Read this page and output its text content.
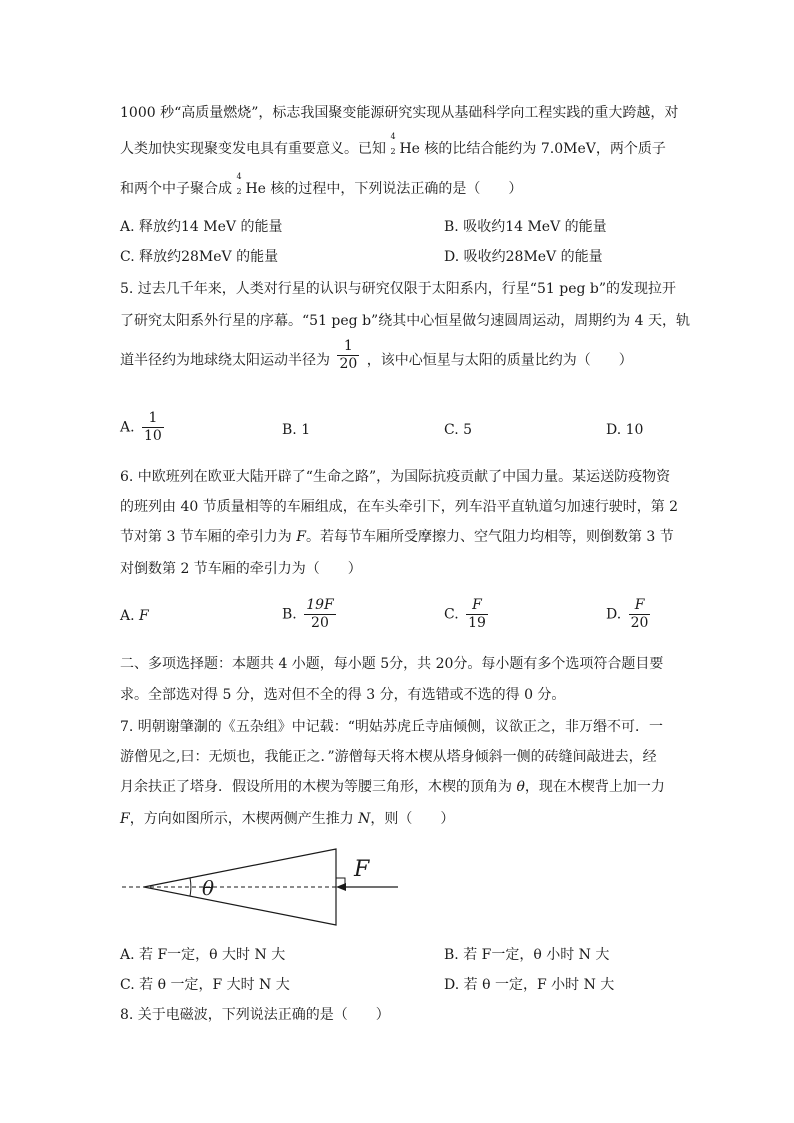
1000 秒“高质量燃烧”，标志我国聚变能源研究实现从基础科学向工程实践的重大跨越，对
人类加快实现聚变发电具有重要意义。已知
4
2 He 核的比结合能约为 7.0MeV，两个质子
和两个中子聚合成
4
2 He 核的过程中，下列说法正确的是（　　）
A. 释放约14 MeV 的能量	B. 吸收约14 MeV 的能量
C. 释放约28MeV 的能量	D. 吸收约28MeV 的能量
5. 过去几千年来，人类对行星的认识与研究仅限于太阳系内，行星“51 peg b”的发现拉开
了研究太阳系外行星的序幕。“51 peg b”绕其中心恒星做匀速圆周运动，周期约为 4 天，轨
道半径约为地球绕太阳运动半径为 $\frac{1}{20}$ ，该中心恒星与太阳的质量比约为（　　）
A. $\frac{1}{10}$	B. 1	C. 5	D. 10
6. 中欧班列在欧亚大陆开辟了“生命之路”，为国际抗疫贡献了中国力量。某运送防疫物资
的班列由 40 节质量相等的车厢组成，在车头牵引下，列车沿平直轨道匀加速行驶时，第 2
节对第 3 节车厢的牵引力为 F。若每节车厢所受摩擦力、空气阻力均相等，则倒数第 3 节
对倒数第 2 节车厢的牵引力为（　　）
A. F	B. $\frac{19F}{20}$	C. $\frac{F}{19}$	D. $\frac{F}{20}$
二、多项选择题：本题共 4 小题，每小题 5分，共 20分。每小题有多个选项符合题目要
求。全部选对得 5 分，选对但不全的得 3 分，有选错或不选的得 0 分。
7. 明朝谢肇淛的《五杂组》中记载：“明姑苏虎丘寺庙倾侧，议欲正之，非万缗不可．一
游僧见之,曰：无烦也，我能正之．”游僧每天将木楔从塔身倾斜一侧的砖缝间敲进去，经
月余扶正了塔身．假设所用的木楔为等腰三角形，木楔的顶角为 θ，现在木楔背上加一力
F，方向如图所示，木楔两侧产生推力 N，则（　　）
θ
F
A. 若 F一定，θ 大时 N 大	B. 若 F一定，θ 小时 N 大
C. 若 θ 一定，F 大时 N 大	D. 若 θ 一定，F 小时 N 大
8. 关于电磁波，下列说法正确的是（　　）
